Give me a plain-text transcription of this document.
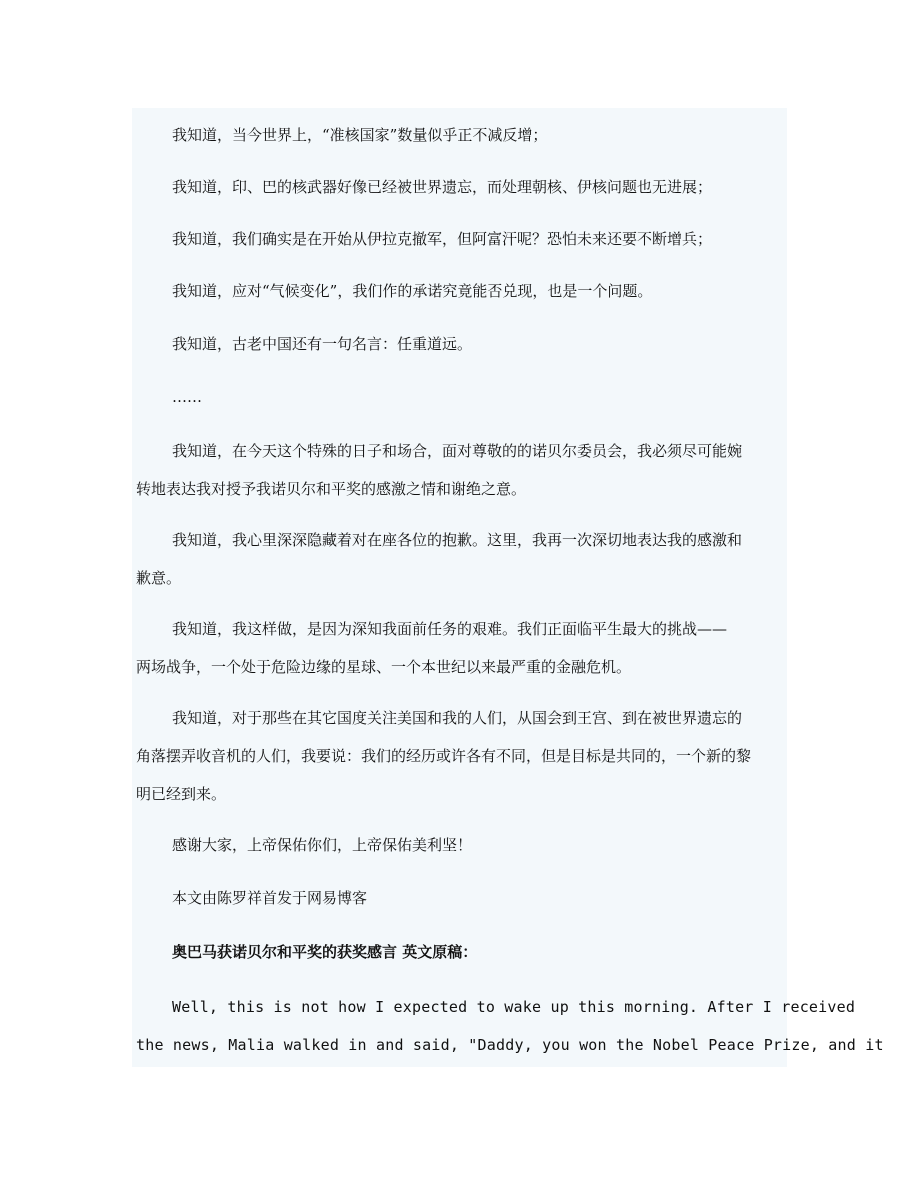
我知道，当今世界上，“准核国家”数量似乎正不减反增；

我知道，印、巴的核武器好像已经被世界遗忘，而处理朝核、伊核问题也无进展；

我知道，我们确实是在开始从伊拉克撤军，但阿富汗呢？恐怕未来还要不断增兵；

我知道，应对“气候变化”，我们作的承诺究竟能否兑现，也是一个问题。

我知道，古老中国还有一句名言：任重道远。

……

我知道，在今天这个特殊的日子和场合，面对尊敬的的诺贝尔委员会，我必须尽可能婉
转地表达我对授予我诺贝尔和平奖的感激之情和谢绝之意。
我知道，我心里深深隐藏着对在座各位的抱歉。这里，我再一次深切地表达我的感激和
歉意。
我知道，我这样做，是因为深知我面前任务的艰难。我们正面临平生最大的挑战——
两场战争，一个处于危险边缘的星球、一个本世纪以来最严重的金融危机。
我知道，对于那些在其它国度关注美国和我的人们，从国会到王宫、到在被世界遗忘的
角落摆弄收音机的人们，我要说：我们的经历或许各有不同，但是目标是共同的，一个新的黎
明已经到来。

感谢大家，上帝保佑你们，上帝保佑美利坚！

本文由陈罗祥首发于网易博客

奥巴马获诺贝尔和平奖的获奖感言 英文原稿：

Well, this is not how I expected to wake up this morning. After I received
the news, Malia walked in and said, "Daddy, you won the Nobel Peace Prize, and it
